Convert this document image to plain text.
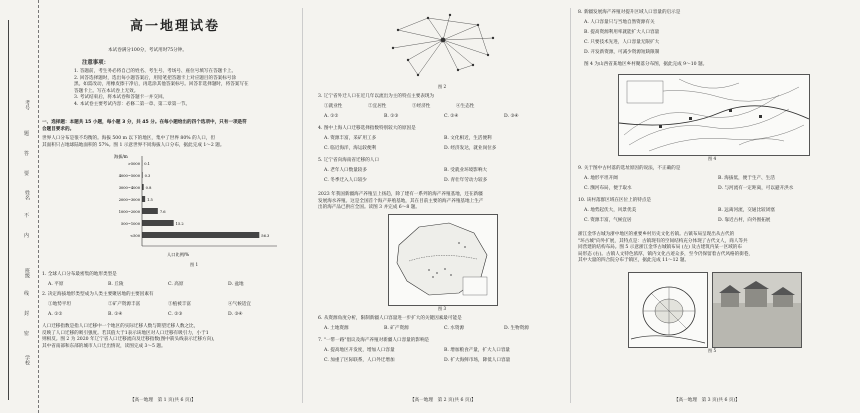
考号
姓名
班级
学校
题
答
要
不
内
线
封
密
高一地理试卷
本试卷满分100分，考试用时75分钟。
注意事项：

1. 答题前，考生务必将自己的姓名、考生号、考场号、座位号填写在答题卡上。

2. 回答选择题时，选出每小题答案后，用铅笔把答题卡上对应题目的答案标号涂

黑。如需改动，用橡皮擦干净后，再选涂其他答案标号。回答非选择题时，将答案写在

答题卡上。写在本试卷上无效。

3. 考试结束后，将本试卷和答题卡一并交回。

4. 本试卷主要考试内容：必修二第一章、第二章第一节。

一、选择题：本题共 15 小题，每小题 3 分，共 45 分。在每小题给出的四个选项中，只有一项是符

合题目要求的。

世界人口分布是很不均衡的。海拔 500 m 以下的地区，集中了世界 80% 的人口，但

其面积只占地球陆地面积的 57%。图 1 示意世界不同海拔人口分布，据此完成 1～2 题。

>5000 0.1
4000~5000 0.3
3000~4000 0.8
2000~3000 1.5
1000~2000	7.6
500~1000	15.2
<500	56.3
人口比例/%
海拔/m
图 1
1. 全球人口分布最密集的地形类型是
A. 平原	B. 丘陵	C. 高原	D. 盆地
2. 决定海拔地形类型成为人类主要聚居地的主要因素有
①地势平坦	②矿产资源丰富	③植被丰富	④气候适宜
A. ①②	B. ①④	C. ②③	D. ③④

人口迁移指数是指人口迁移中一个地区的实际迁移人数与期望迁移人数之比，

反映了人口迁移的吸引强度。若其值大于1表示该地区对人口迁移有吸引力，小于1

则相反。图 2 为 2020 年辽宁省人口迁移流向及迁移指数(图中箭头线表示迁移方向)，

其中省南部和东部的城市人口迁出情况，读图完成 3～5 题。

【高一地理　第 1 页(共 6 页)】
图 2
3. 辽宁省外迁人口在近几年以流出为主的特点主要表现为
①就业性	②宜居性	③经济性	④生态性
A. ①②	B. ①③	C. ②④	D. ③④
4. 图中上海人口迁移选择指数特别较大的原因是
A. 资源丰富，采矿用工多	B. 文化相近，生活便利
C. 临近海洋，海运较便利	D. 经济发达，就业岗位多
5. 辽宁省向海南省迁移的人口
A. 老年人口数量较多	B. 受就业环境影响大
C. 冬季迁入人口较少	D. 青壮年劳动力较多

2023 年我国新疆海产养殖呈上扬趋，除了建有一系列的海产养殖基地，还在新疆

发展海水养殖。这是全国首个海产养殖基地，其在目前主要的海产养殖基地上生产

出的海产品已供应全国。读图 3 并完成 6～8 题。

图 3
6. 从资源角度分析，限制新疆人口容量进一步扩大的关键因素最可能是
A. 土地资源	B. 矿产资源	C. 水资源	D. 生物资源
7. "一带一路"倡议及海产养殖对新疆人口容量的影响是
A. 提高地区开发度，增加人口容量	B. 增加粮食产量，扩大人口容量
C. 加重了区际联系，人口外迁增加	D. 扩大海鲜市场，降低人口容量
【高一地理　第 2 页(共 6 页)】
8. 新疆发展海产养殖对提升区域人口容量的启示是
A. 人口容量只与当地自然资源有关
B. 提高资源利用率就能扩大人口容量
C. 只要技术先进，人口容量无限扩大
D. 开发新资源，可减少资源短缺限制
图 4 为山西省某地区乡村聚落分布图，据此完成 9～10 题。
图 4
9. 关于图中古村落的选址原因的说法，不正确的是
A. 地形平坦开阔	B. 海拔低，便于生产、生活
C. 濒河布局，便于取水	D. 与河流有一定距离，可以避开洪水
10. 该村落群区域在区位上的特点是
A. 地势起伏大，风景优美	B. 远离河流，交通比较闭塞
C. 资源丰富，气候宜居	D. 靠近古村，向外围拓展

浙江金华古城为浙中地区的重要乡村历史文化名镇。古镇布局呈现出从古代的

"环古城"向外扩展，其特点是：古镇现有的空间结构充分体现了古代文人，商人等共

同营建的结构布局。图 5 示意浙江金华古城镇布局 (左) 及古建筑内某一区域的布

局形态 (右)。古镇人文特色浓厚，镇内文化古迹众多，至今仍保留着古代风格的街巷，

其中大量的四合院分布于镇区，据此完成 11～12 题。

图 5
【高一地理　第 3 页(共 6 页)】
